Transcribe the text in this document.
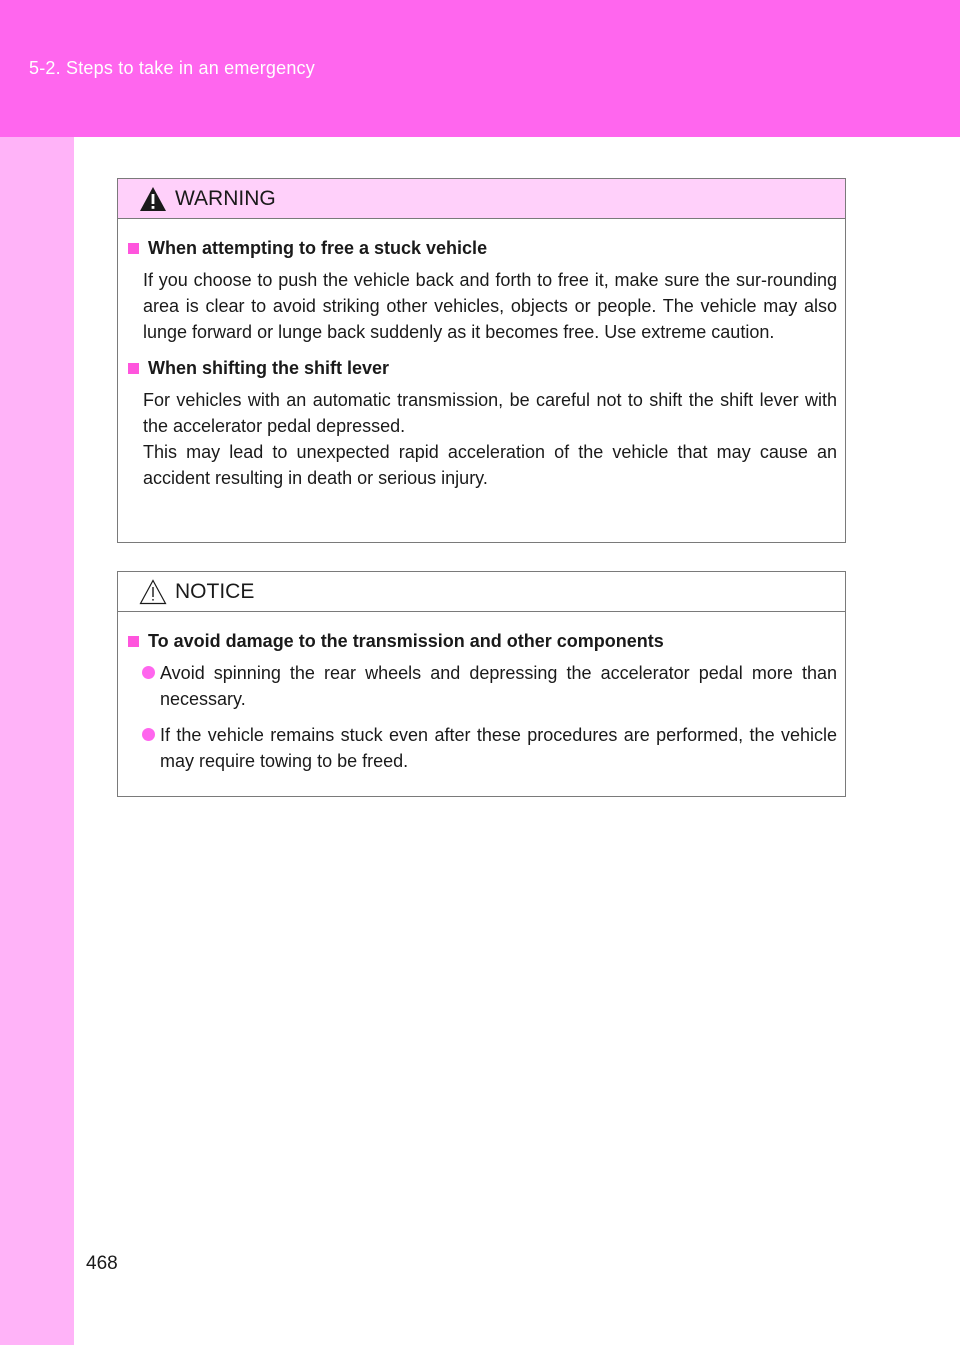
5-2. Steps to take in an emergency
WARNING
When attempting to free a stuck vehicle

If you choose to push the vehicle back and forth to free it, make sure the sur-rounding area is clear to avoid striking other vehicles, objects or people. The vehicle may also lunge forward or lunge back suddenly as it becomes free. Use extreme caution.

When shifting the shift lever

For vehicles with an automatic transmission, be careful not to shift the shift lever with the accelerator pedal depressed.

This may lead to unexpected rapid acceleration of the vehicle that may cause an accident resulting in death or serious injury.

NOTICE
To avoid damage to the transmission and other components
Avoid spinning the rear wheels and depressing the accelerator pedal more than necessary.
If the vehicle remains stuck even after these procedures are performed, the vehicle may require towing to be freed.
468
